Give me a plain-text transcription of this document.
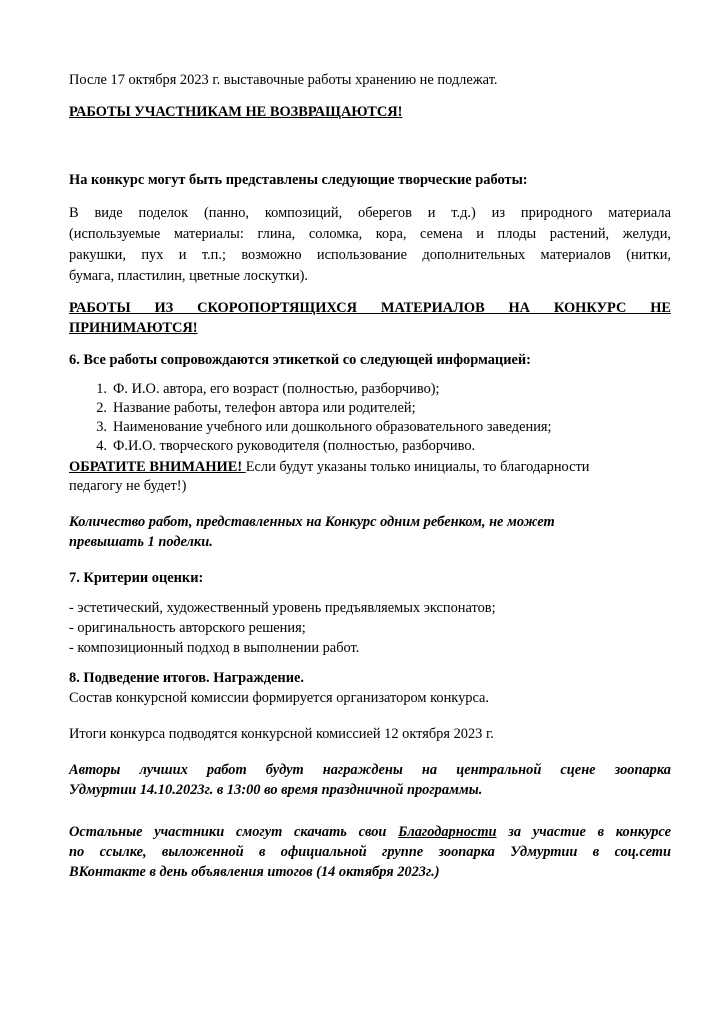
После 17 октября 2023 г. выставочные работы хранению не подлежат.

РАБОТЫ УЧАСТНИКАМ НЕ ВОЗВРАЩАЮТСЯ!

На конкурс могут быть представлены следующие творческие работы:

В виде поделок (панно, композиций, оберегов и т.д.) из природного материала
(используемые материалы: глина, соломка, кора, семена и плоды растений, желуди,
ракушки, пух и т.п.; возможно использование дополнительных материалов (нитки,
бумага, пластилин, цветные лоскутки).
РАБОТЫ ИЗ СКОРОПОРТЯЩИХСЯ МАТЕРИАЛОВ НА КОНКУРС НЕ
ПРИНИМАЮТСЯ!

6. Все работы сопровождаются этикеткой со следующей информацией:

1. Ф. И.О. автора, его возраст (полностью, разборчиво);
2. Название работы, телефон автора или родителей;
3. Наименование учебного или дошкольного образовательного заведения;
4. Ф.И.О. творческого руководителя (полностью, разборчиво.
ОБРАТИТЕ ВНИМАНИЕ! Если будут указаны только инициалы, то благодарности
педагогу не будет!)
Количество работ, представленных на Конкурс одним ребенком, не может
превышать 1 поделки.

7. Критерии оценки:

- эстетический, художественный уровень предъявляемых экспонатов;
- оригинальность авторского решения;
- композиционный подход в выполнении работ.

8. Подведение итогов. Награждение.

Состав конкурсной комиссии формируется организатором конкурса.

Итоги конкурса подводятся конкурсной комиссией 12 октября 2023 г.

Авторы лучших работ будут награждены на центральной сцене зоопарка
Удмуртии 14.10.2023г. в 13:00 во время праздничной программы.
Остальные участники смогут скачать свои Благодарности за участие в конкурсе
по ссылке, выложенной в официальной группе зоопарка Удмуртии в соц.сети
ВКонтакте в день объявления итогов (14 октября 2023г.)
